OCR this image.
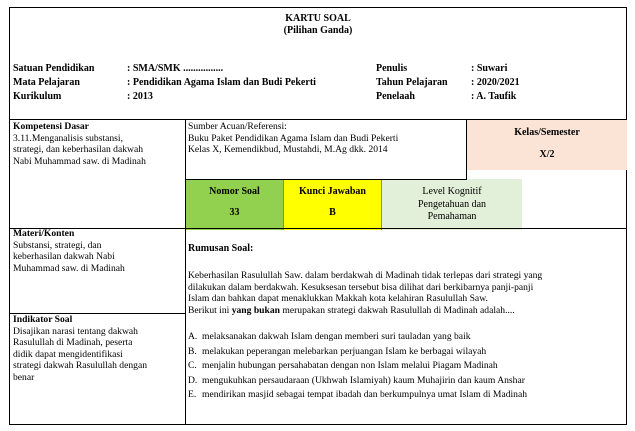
KARTU SOAL
(Pilihan Ganda)
Satuan Pendidikan	: SMA/SMK ................
Mata Pelajaran	: Pendidikan Agama Islam dan Budi Pekerti
Kurikulum	: 2013
Penulis	: Suwari
Tahun Pelajaran	: 2020/2021
Penelaah	: A. Taufik
Kelas/Semester
X/2
Nomor Soal
33
Kunci Jawaban
B
Level Kognitif
Pengetahuan dan
Pemahaman
Kompetensi Dasar
3.11.Menganalisis substansi,
strategi, dan keberhasilan dakwah
Nabi Muhammad saw. di Madinah
Sumber Acuan/Referensi:
Buku Paket Pendidikan Agama Islam dan Budi Pekerti
Kelas X, Kemendikbud, Mustahdi, M.Ag dkk. 2014
Materi/Konten
Substansi, strategi, dan
keberhasilan dakwah Nabi
Muhammad saw. di Madinah
Indikator Soal
Disajikan narasi tentang dakwah
Rasulullah di Madinah, peserta
didik dapat mengidentifikasi
strategi dakwah Rasulullah dengan
benar
Rumusan Soal:
Keberhasilan Rasulullah Saw. dalam berdakwah di Madinah tidak terlepas dari strategi yang
dilakukan dalam berdakwah. Kesuksesan tersebut bisa dilihat dari berkibarnya panji-panji
Islam dan bahkan dapat menaklukkan Makkah kota kelahiran Rasulullah Saw.
Berikut ini yang bukan merupakan strategi dakwah Rasulullah di Madinah adalah....
A. melaksanakan dakwah Islam dengan memberi suri tauladan yang baik
B. melakukan peperangan melebarkan perjuangan Islam ke berbagai wilayah
C. menjalin hubungan persahabatan dengan non Islam melalui Piagam Madinah
D. mengukuhkan persaudaraan (Ukhwah Islamiyah) kaum Muhajirin dan kaum Anshar
E. mendirikan masjid sebagai tempat ibadah dan berkumpulnya umat Islam di Madinah
